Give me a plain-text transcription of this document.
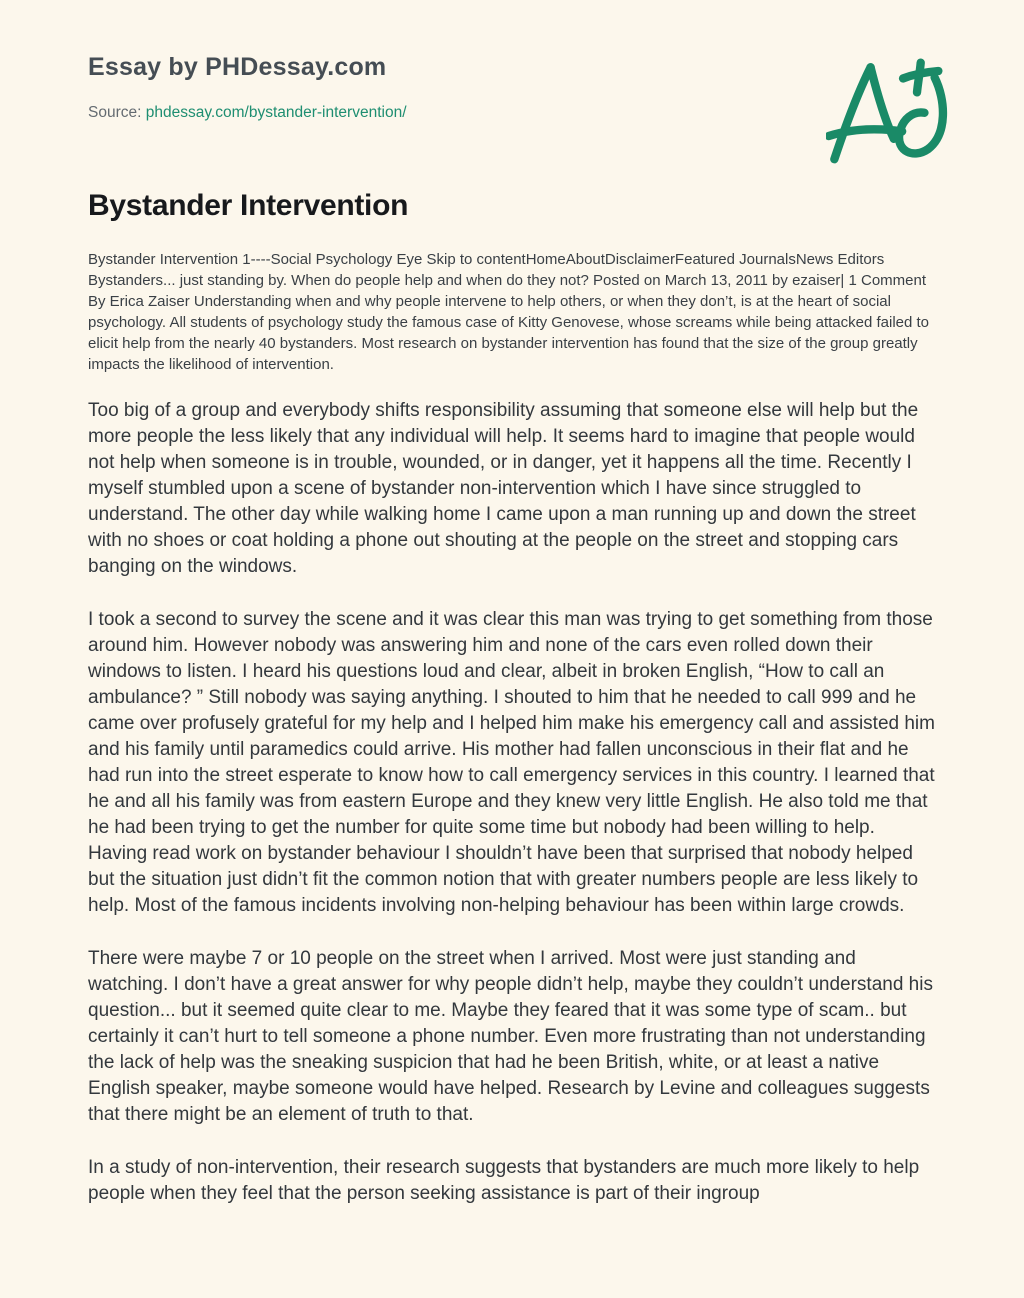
Essay by PHDessay.com
Source: phdessay.com/bystander-intervention/
Bystander Intervention

Bystander Intervention 1----Social Psychology Eye Skip to contentHomeAboutDisclaimerFeatured JournalsNews Editors Bystanders... just standing by. When do people help and when do they not? Posted on March 13, 2011 by ezaiser| 1 Comment By Erica Zaiser Understanding when and why people intervene to help others, or when they don’t, is at the heart of social psychology. All students of psychology study the famous case of Kitty Genovese, whose screams while being attacked failed to elicit help from the nearly 40 bystanders. Most research on bystander intervention has found that the size of the group greatly impacts the likelihood of intervention.

Too big of a group and everybody shifts responsibility assuming that someone else will help but the more people the less likely that any individual will help. It seems hard to imagine that people would not help when someone is in trouble, wounded, or in danger, yet it happens all the time. Recently I myself stumbled upon a scene of bystander non-intervention which I have since struggled to understand. The other day while walking home I came upon a man running up and down the street with no shoes or coat holding a phone out shouting at the people on the street and stopping cars banging on the windows.

I took a second to survey the scene and it was clear this man was trying to get something from those around him. However nobody was answering him and none of the cars even rolled down their windows to listen. I heard his questions loud and clear, albeit in broken English, “How to call an ambulance? ” Still nobody was saying anything. I shouted to him that he needed to call 999 and he came over profusely grateful for my help and I helped him make his emergency call and assisted him and his family until paramedics could arrive. His mother had fallen unconscious in their flat and he had run into the street esperate to know how to call emergency services in this country. I learned that he and all his family was from eastern Europe and they knew very little English. He also told me that he had been trying to get the number for quite some time but nobody had been willing to help. Having read work on bystander behaviour I shouldn’t have been that surprised that nobody helped but the situation just didn’t fit the common notion that with greater numbers people are less likely to help. Most of the famous incidents involving non-helping behaviour has been within large crowds.

There were maybe 7 or 10 people on the street when I arrived. Most were just standing and watching. I don’t have a great answer for why people didn’t help, maybe they couldn’t understand his question... but it seemed quite clear to me. Maybe they feared that it was some type of scam.. but certainly it can’t hurt to tell someone a phone number. Even more frustrating than not understanding the lack of help was the sneaking suspicion that had he been British, white, or at least a native English speaker, maybe someone would have helped. Research by Levine and colleagues suggests that there might be an element of truth to that.

In a study of non-intervention, their research suggests that bystanders are much more likely to help people when they feel that the person seeking assistance is part of their ingroup
